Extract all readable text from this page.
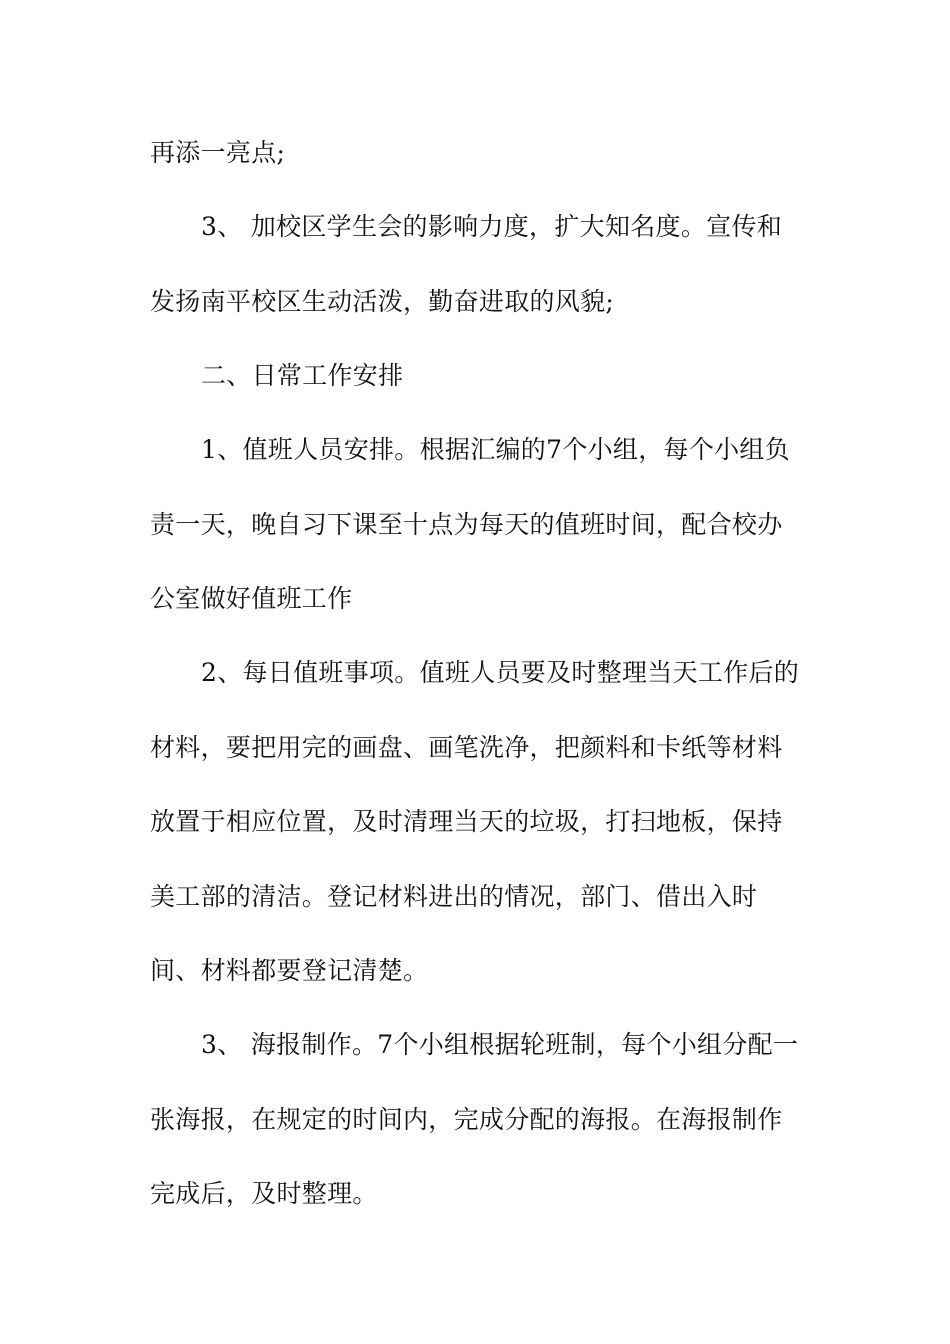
再添一亮点;
3、 加校区学生会的影响力度，扩大知名度。宣传和
发扬南平校区生动活泼，勤奋进取的风貌;
二、日常工作安排
1、值班人员安排。根据汇编的7个小组，每个小组负
责一天，晚自习下课至十点为每天的值班时间，配合校办
公室做好值班工作
2、每日值班事项。值班人员要及时整理当天工作后的
材料，要把用完的画盘、画笔洗净，把颜料和卡纸等材料
放置于相应位置，及时清理当天的垃圾，打扫地板，保持
美工部的清洁。登记材料进出的情况，部门、借出入时
间、材料都要登记清楚。
3、 海报制作。7个小组根据轮班制，每个小组分配一
张海报，在规定的时间内，完成分配的海报。在海报制作
完成后，及时整理。
